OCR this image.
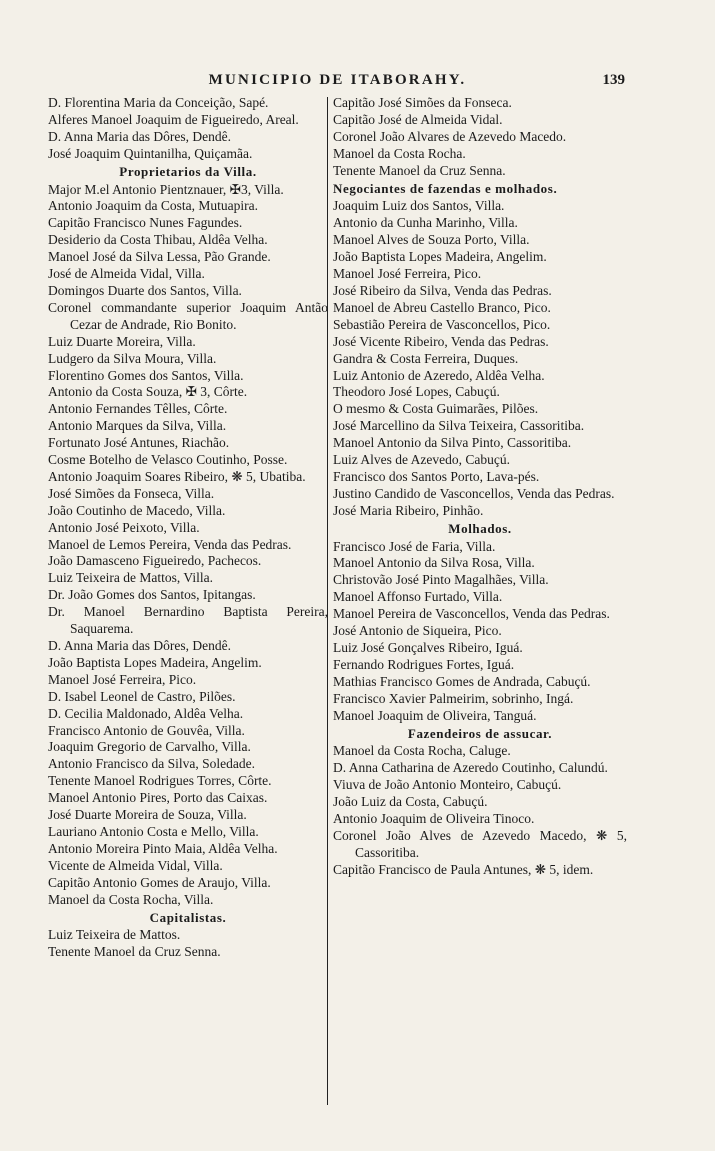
MUNICIPIO DE ITABORAHY.	139

D. Florentina Maria da Conceição, Sapé.

Alferes Manoel Joaquim de Figueiredo, Areal.

D. Anna Maria das Dôres, Dendê.

José Joaquim Quintanilha, Quiçamãa.

Proprietarios da Villa.

Major M.el Antonio Pientznauer, ✠3, Villa.

Antonio Joaquim da Costa, Mutuapira.

Capitão Francisco Nunes Fagundes.

Desiderio da Costa Thibau, Aldêa Velha.

Manoel José da Silva Lessa, Pão Grande.

José de Almeida Vidal, Villa.

Domingos Duarte dos Santos, Villa.

Coronel commandante superior Joaquim Antão Cezar de Andrade, Rio Bonito.

Luiz Duarte Moreira, Villa.

Ludgero da Silva Moura, Villa.

Florentino Gomes dos Santos, Villa.

Antonio da Costa Souza, ✠ 3, Côrte.

Antonio Fernandes Têlles, Côrte.

Antonio Marques da Silva, Villa.

Fortunato José Antunes, Riachão.

Cosme Botelho de Velasco Coutinho, Posse.

Antonio Joaquim Soares Ribeiro, ❋ 5, Ubatiba.

José Simões da Fonseca, Villa.

João Coutinho de Macedo, Villa.

Antonio José Peixoto, Villa.

Manoel de Lemos Pereira, Venda das Pedras.

João Damasceno Figueiredo, Pachecos.

Luiz Teixeira de Mattos, Villa.

Dr. João Gomes dos Santos, Ipitangas.

Dr. Manoel Bernardino Baptista Pereira, Saquarema.

D. Anna Maria das Dôres, Dendê.

João Baptista Lopes Madeira, Angelim.

Manoel José Ferreira, Pico.

D. Isabel Leonel de Castro, Pilões.

D. Cecilia Maldonado, Aldêa Velha.

Francisco Antonio de Gouvêa, Villa.

Joaquim Gregorio de Carvalho, Villa.

Antonio Francisco da Silva, Soledade.

Tenente Manoel Rodrigues Torres, Côrte.

Manoel Antonio Pires, Porto das Caixas.

José Duarte Moreira de Souza, Villa.

Lauriano Antonio Costa e Mello, Villa.

Antonio Moreira Pinto Maia, Aldêa Velha.

Vicente de Almeida Vidal, Villa.

Capitão Antonio Gomes de Araujo, Villa.

Manoel da Costa Rocha, Villa.

Capitalistas.

Luiz Teixeira de Mattos.

Tenente Manoel da Cruz Senna.

Capitão José Simões da Fonseca.

Capitão José de Almeida Vidal.

Coronel João Alvares de Azevedo Macedo.

Manoel da Costa Rocha.

Tenente Manoel da Cruz Senna.

Negociantes de fazendas e molhados.

Joaquim Luiz dos Santos, Villa.

Antonio da Cunha Marinho, Villa.

Manoel Alves de Souza Porto, Villa.

João Baptista Lopes Madeira, Angelim.

Manoel José Ferreira, Pico.

José Ribeiro da Silva, Venda das Pedras.

Manoel de Abreu Castello Branco, Pico.

Sebastião Pereira de Vasconcellos, Pico.

José Vicente Ribeiro, Venda das Pedras.

Gandra & Costa Ferreira, Duques.

Luiz Antonio de Azeredo, Aldêa Velha.

Theodoro José Lopes, Cabuçú.

O mesmo & Costa Guimarães, Pilões.

José Marcellino da Silva Teixeira, Cassoritiba.

Manoel Antonio da Silva Pinto, Cassoritiba.

Luiz Alves de Azevedo, Cabuçú.

Francisco dos Santos Porto, Lava-pés.

Justino Candido de Vasconcellos, Venda das Pedras.

José Maria Ribeiro, Pinhão.

Molhados.

Francisco José de Faria, Villa.

Manoel Antonio da Silva Rosa, Villa.

Christovão José Pinto Magalhães, Villa.

Manoel Affonso Furtado, Villa.

Manoel Pereira de Vasconcellos, Venda das Pedras.

José Antonio de Siqueira, Pico.

Luiz José Gonçalves Ribeiro, Iguá.

Fernando Rodrigues Fortes, Iguá.

Mathias Francisco Gomes de Andrada, Cabuçú.

Francisco Xavier Palmeirim, sobrinho, Ingá.

Manoel Joaquim de Oliveira, Tanguá.

Fazendeiros de assucar.

Manoel da Costa Rocha, Caluge.

D. Anna Catharina de Azeredo Coutinho, Calundú.

Viuva de João Antonio Monteiro, Cabuçú.

João Luiz da Costa, Cabuçú.

Antonio Joaquim de Oliveira Tinoco.

Coronel João Alves de Azevedo Macedo, ❋ 5, Cassoritiba.

Capitão Francisco de Paula Antunes, ❋ 5, idem.
